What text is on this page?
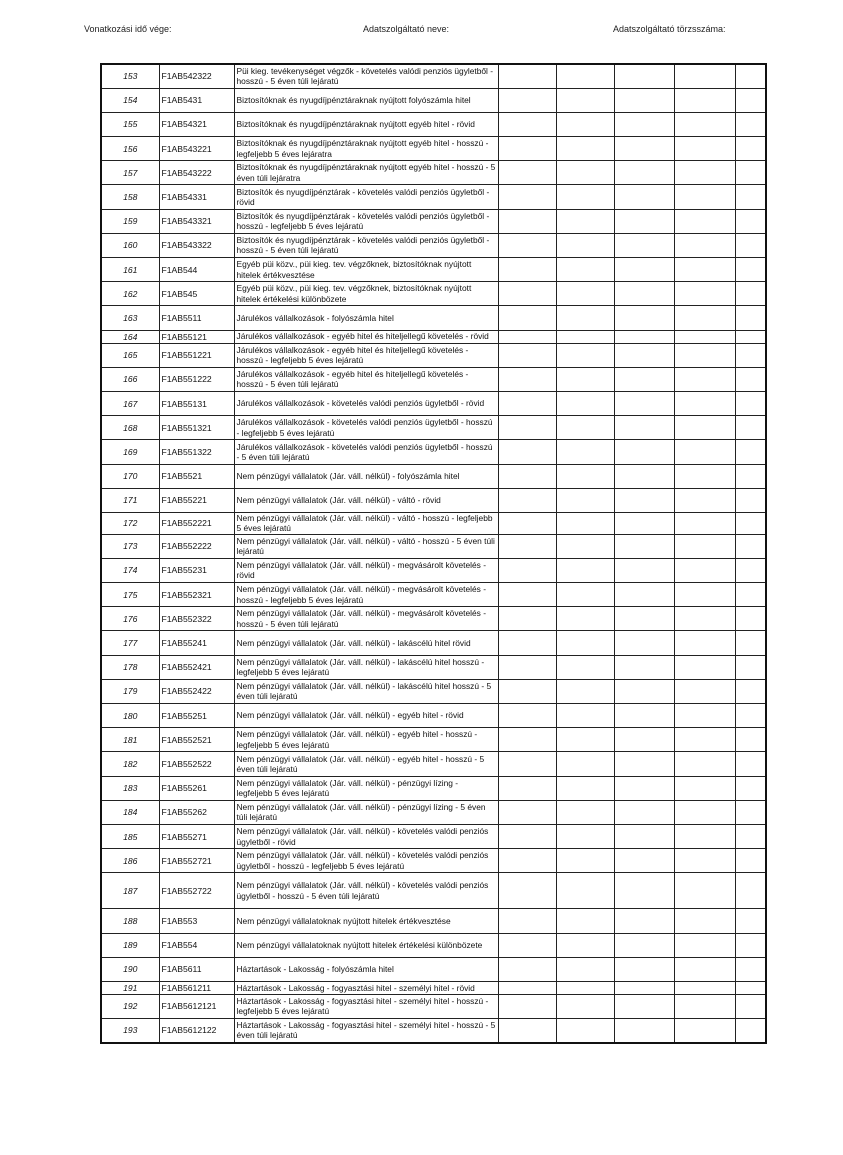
Vonatkozási idő vége:	Adatszolgáltató neve:	Adatszolgáltató törzsszáma:
153	F1AB542322	Püi kieg. tevékenységet végzők - követelés valódi penziós ügyletből - hosszú - 5 éven túli lejáratú					
154	F1AB5431	Biztosítóknak és nyugdíjpénztáraknak nyújtott folyószámla hitel					
155	F1AB54321	Biztosítóknak és nyugdíjpénztáraknak nyújtott egyéb hitel - rövid					
156	F1AB543221	Biztosítóknak és nyugdíjpénztáraknak nyújtott egyéb hitel - hosszú - legfeljebb 5 éves lejáratra					
157	F1AB543222	Biztosítóknak és nyugdíjpénztáraknak nyújtott egyéb hitel - hosszú - 5 éven túli lejáratra					
158	F1AB54331	Biztosítók és nyugdíjpénztárak - követelés valódi penziós ügyletből - rövid					
159	F1AB543321	Biztosítók és nyugdíjpénztárak - követelés valódi penziós ügyletből - hosszú - legfeljebb 5 éves lejáratú					
160	F1AB543322	Biztosítók és nyugdíjpénztárak - követelés valódi penziós ügyletből - hosszú - 5 éven túli lejáratú					
161	F1AB544	Egyéb püi közv., püi kieg. tev. végzőknek, biztosítóknak nyújtott hitelek értékvesztése					
162	F1AB545	Egyéb püi közv., püi kieg. tev. végzőknek, biztosítóknak nyújtott hitelek értékelési különbözete					
163	F1AB5511	Járulékos vállalkozások - folyószámla hitel					
164	F1AB55121	Járulékos vállalkozások - egyéb hitel és hiteljellegű követelés - rövid					
165	F1AB551221	Járulékos vállalkozások - egyéb hitel és hiteljellegű követelés - hosszú - legfeljebb 5 éves lejáratú					
166	F1AB551222	Járulékos vállalkozások - egyéb hitel és hiteljellegű követelés - hosszú - 5 éven túli lejáratú					
167	F1AB55131	Járulékos vállalkozások - követelés valódi penziós ügyletből - rövid					
168	F1AB551321	Járulékos vállalkozások - követelés valódi penziós ügyletből - hosszú - legfeljebb 5 éves lejáratú					
169	F1AB551322	Járulékos vállalkozások - követelés valódi penziós ügyletből - hosszú - 5 éven túli lejáratú					
170	F1AB5521	Nem pénzügyi vállalatok (Jár. váll. nélkül) - folyószámla hitel					
171	F1AB55221	Nem pénzügyi vállalatok (Jár. váll. nélkül) - váltó - rövid					
172	F1AB552221	Nem pénzügyi vállalatok (Jár. váll. nélkül) - váltó - hosszú - legfeljebb 5 éves lejáratú					
173	F1AB552222	Nem pénzügyi vállalatok (Jár. váll. nélkül) - váltó - hosszú - 5 éven túli lejáratú					
174	F1AB55231	Nem pénzügyi vállalatok (Jár. váll. nélkül) - megvásárolt követelés - rövid					
175	F1AB552321	Nem pénzügyi vállalatok (Jár. váll. nélkül) - megvásárolt követelés - hosszú - legfeljebb 5 éves lejáratú					
176	F1AB552322	Nem pénzügyi vállalatok (Jár. váll. nélkül) - megvásárolt követelés - hosszú - 5 éven túli lejáratú					
177	F1AB55241	Nem pénzügyi vállalatok (Jár. váll. nélkül) - lakáscélú hitel rövid					
178	F1AB552421	Nem pénzügyi vállalatok (Jár. váll. nélkül) - lakáscélú hitel hosszú - legfeljebb 5 éves lejáratú					
179	F1AB552422	Nem pénzügyi vállalatok (Jár. váll. nélkül) - lakáscélú hitel hosszú - 5 éven túli lejáratú					
180	F1AB55251	Nem pénzügyi vállalatok (Jár. váll. nélkül) - egyéb hitel - rövid					
181	F1AB552521	Nem pénzügyi vállalatok (Jár. váll. nélkül) - egyéb hitel - hosszú - legfeljebb 5 éves lejáratú					
182	F1AB552522	Nem pénzügyi vállalatok (Jár. váll. nélkül) - egyéb hitel - hosszú - 5 éven túli lejáratú					
183	F1AB55261	Nem pénzügyi vállalatok (Jár. váll. nélkül) - pénzügyi lízing - legfeljebb 5 éves lejáratú					
184	F1AB55262	Nem pénzügyi vállalatok (Jár. váll. nélkül) - pénzügyi lízing - 5 éven túli lejáratú					
185	F1AB55271	Nem pénzügyi vállalatok (Jár. váll. nélkül) - követelés valódi penziós ügyletből - rövid					
186	F1AB552721	Nem pénzügyi vállalatok (Jár. váll. nélkül) - követelés valódi penziós ügyletből - hosszú - legfeljebb 5 éves lejáratú					
187	F1AB552722	Nem pénzügyi vállalatok (Jár. váll. nélkül) - követelés valódi penziós ügyletből - hosszú - 5 éven túli lejáratú					
188	F1AB553	Nem pénzügyi vállalatoknak nyújtott hitelek értékvesztése					
189	F1AB554	Nem pénzügyi vállalatoknak nyújtott hitelek értékelési különbözete					
190	F1AB5611	Háztartások - Lakosság - folyószámla hitel					
191	F1AB561211	Háztartások - Lakosság - fogyasztási hitel - személyi hitel - rövid					
192	F1AB5612121	Háztartások - Lakosság - fogyasztási hitel - személyi hitel - hosszú - legfeljebb 5 éves lejáratú					
193	F1AB5612122	Háztartások - Lakosság - fogyasztási hitel - személyi hitel - hosszú - 5 éven túli lejáratú					
